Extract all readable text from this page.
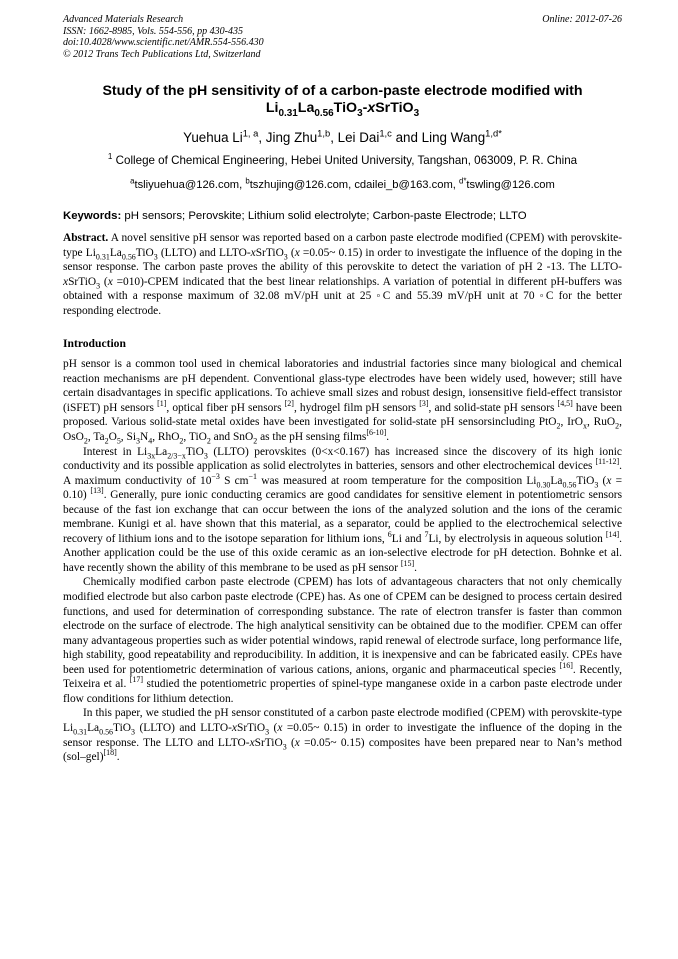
Advanced Materials Research
ISSN: 1662-8985, Vols. 554-556, pp 430-435
doi:10.4028/www.scientific.net/AMR.554-556.430
© 2012 Trans Tech Publications Ltd, Switzerland
Online: 2012-07-26
Study of the pH sensitivity of of a carbon-paste electrode modified with
$Li_{0.31}La_{0.56}TiO_3-xSrTiO_3$
Yuehua Li$^{1, a}$, Jing Zhu$^{1,b}$, Lei Dai$^{1,c}$ and Ling Wang$^{1,d*}$
$^1$ College of Chemical Engineering, Hebei United University, Tangshan, 063009, P. R. China
$^a$tsliyuehua@126.com, $^b$tszhujing@126.com, cdailei_b@163.com, $^{d*}$tswling@126.com
Keywords: pH sensors; Perovskite; Lithium solid electrolyte; Carbon-paste Electrode; LLTO

Abstract. A novel sensitive pH sensor was reported based on a carbon paste electrode modified (CPEM) with perovskite-type $Li_{0.31}La_{0.56}TiO_3$ (LLTO) and LLTO-xSrTiO$_3$ (x =0.05~ 0.15) in order to investigate the influence of the doping in the sensor response. The carbon paste proves the ability of this perovskite to detect the variation of pH 2 -13. The LLTO-xSrTiO$_3$ (x =010)-CPEM indicated that the best linear relationships. A variation of potential in different pH-buffers was obtained with a response maximum of 32.08 mV/pH unit at 25 ◦C and 55.39 mV/pH unit at 70 ◦C for the better responding electrode.

Introduction

pH sensor is a common tool used in chemical laboratories and industrial factories since many biological and chemical reaction mechanisms are pH dependent. Conventional glass-type electrodes have been widely used, however; still have certain disadvantages in specific applications. To achieve small sizes and robust design, ionsensitive field-effect transistor (iSFET) pH sensors [1], optical fiber pH sensors [2], hydrogel film pH sensors [3], and solid-state pH sensors [4,5] have been proposed. Various solid-state metal oxides have been investigated for solid-state pH sensorsincluding PtO$_2$, IrO$_x$, RuO$_2$, OsO$_2$, $Ta_2O_5$, $Si_3N_4$, RhO$_2$, TiO$_2$ and SnO$_2$ as the pH sensing films[6-10].

Interest in $Li_{3x}La_{2/3-x}TiO_3$ (LLTO) perovskites (0<x<0.167) has increased since the discovery of its high ionic conductivity and its possible application as solid electrolytes in batteries, sensors and other electrochemical devices [11-12]. A maximum conductivity of $10^{-3}$ S $cm^{-1}$ was measured at room temperature for the composition $Li_{0.30}La_{0.56}TiO_3$ (x = 0.10) [13]. Generally, pure ionic conducting ceramics are good candidates for sensitive element in potentiometric sensors because of the fast ion exchange that can occur between the ions of the analyzed solution and the ions of the ceramic membrane. Kunigi et al. have shown that this material, as a separator, could be applied to the electrochemical selective recovery of lithium ions and to the isotope separation for lithium ions, $^6$Li and $^7$Li, by electrolysis in aqueous solution [14]. Another application could be the use of this oxide ceramic as an ion-selective electrode for pH detection. Bohnke et al. have recently shown the ability of this membrane to be used as pH sensor [15].

Chemically modified carbon paste electrode (CPEM) has lots of advantageous characters that not only chemically modified electrode but also carbon paste electrode (CPE) has. As one of CPEM can be designed to process certain desired functions, and used for determination of corresponding substance. The rate of electron transfer is faster than common electrode on the surface of electrode. The high analytical sensitivity can be obtained due to the modifier. CPEM can offer many advantageous properties such as wider potential windows, rapid renewal of electrode surface, long performance life, high stability, good repeatability and reproducibility. In addition, it is inexpensive and can be fabricated easily. CPEs have been used for potentiometric determination of various cations, anions, organic and pharmaceutical species [16]. Recently, Teixeira et al. [17] studied the potentiometric properties of spinel-type manganese oxide in a carbon paste electrode under flow conditions for lithium detection.

In this paper, we studied the pH sensor constituted of a carbon paste electrode modified (CPEM) with perovskite-type $Li_{0.31}La_{0.56}TiO_3$ (LLTO) and LLTO-xSrTiO$_3$ (x =0.05~ 0.15) in order to investigate the influence of the doping in the sensor response. The LLTO and LLTO-xSrTiO$_3$ (x =0.05~ 0.15) composites have been prepared near to Nan’s method (sol–gel)[18].
